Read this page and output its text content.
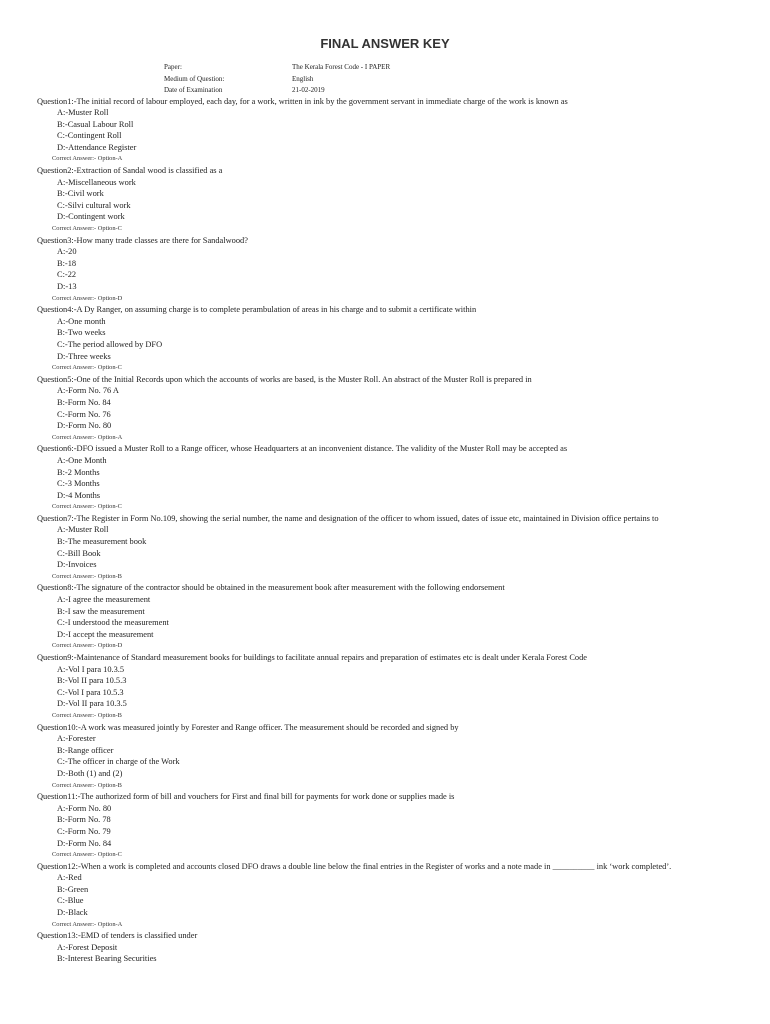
FINAL ANSWER KEY
Paper:	The Kerala Forest Code - I PAPER
Medium of Question:	English
Date of Examination	21-02-2019
Question1:-The initial record of labour employed, each day, for a work, written in ink by the government servant in immediate charge of the work is known as
A:-Muster Roll
B:-Casual Labour Roll
C:-Contingent Roll
D:-Attendance Register
Correct Answer:- Option-A
Question2:-Extraction of Sandal wood is classified as a
A:-Miscellaneous work
B:-Civil work
C:-Silvi cultural work
D:-Contingent work
Correct Answer:- Option-C
Question3:-How many trade classes are there for Sandalwood?
A:-20
B:-18
C:-22
D:-13
Correct Answer:- Option-D
Question4:-A Dy Ranger, on assuming charge is to complete perambulation of areas in his charge and to submit a certificate within
A:-One month
B:-Two weeks
C:-The period allowed by DFO
D:-Three weeks
Correct Answer:- Option-C
Question5:-One of the Initial Records upon which the accounts of works are based, is the Muster Roll. An abstract of the Muster Roll is prepared in
A:-Form No. 76 A
B:-Form No. 84
C:-Form No. 76
D:-Form No. 80
Correct Answer:- Option-A
Question6:-DFO issued a Muster Roll to a Range officer, whose Headquarters at an inconvenient distance. The validity of the Muster Roll may be accepted as
A:-One Month
B:-2 Months
C:-3 Months
D:-4 Months
Correct Answer:- Option-C
Question7:-The Register in Form No.109, showing the serial number, the name and designation of the officer to whom issued, dates of issue etc, maintained in Division office pertains to
A:-Muster Roll
B:-The measurement book
C:-Bill Book
D:-Invoices
Correct Answer:- Option-B
Question8:-The signature of the contractor should be obtained in the measurement book after measurement with the following endorsement
A:-I agree the measurement
B:-I saw the measurement
C:-I understood the measurement
D:-I accept the measurement
Correct Answer:- Option-D
Question9:-Maintenance of Standard measurement books for buildings to facilitate annual repairs and preparation of estimates etc is dealt under Kerala Forest Code
A:-Vol I para 10.3.5
B:-Vol II para 10.5.3
C:-Vol I para 10.5.3
D:-Vol II para 10.3.5
Correct Answer:- Option-B
Question10:-A work was measured jointly by Forester and Range officer. The measurement should be recorded and signed by
A:-Forester
B:-Range officer
C:-The officer in charge of the Work
D:-Both (1) and (2)
Correct Answer:- Option-B
Question11:-The authorized form of bill and vouchers for First and final bill for payments for work done or supplies made is
A:-Form No. 80
B:-Form No. 78
C:-Form No. 79
D:-Form No. 84
Correct Answer:- Option-C
Question12:-When a work is completed and accounts closed DFO draws a double line below the final entries in the Register of works and a note made in __________ ink ‘work completed’.
A:-Red
B:-Green
C:-Blue
D:-Black
Correct Answer:- Option-A
Question13:-EMD of tenders is classified under
A:-Forest Deposit
B:-Interest Bearing Securities
